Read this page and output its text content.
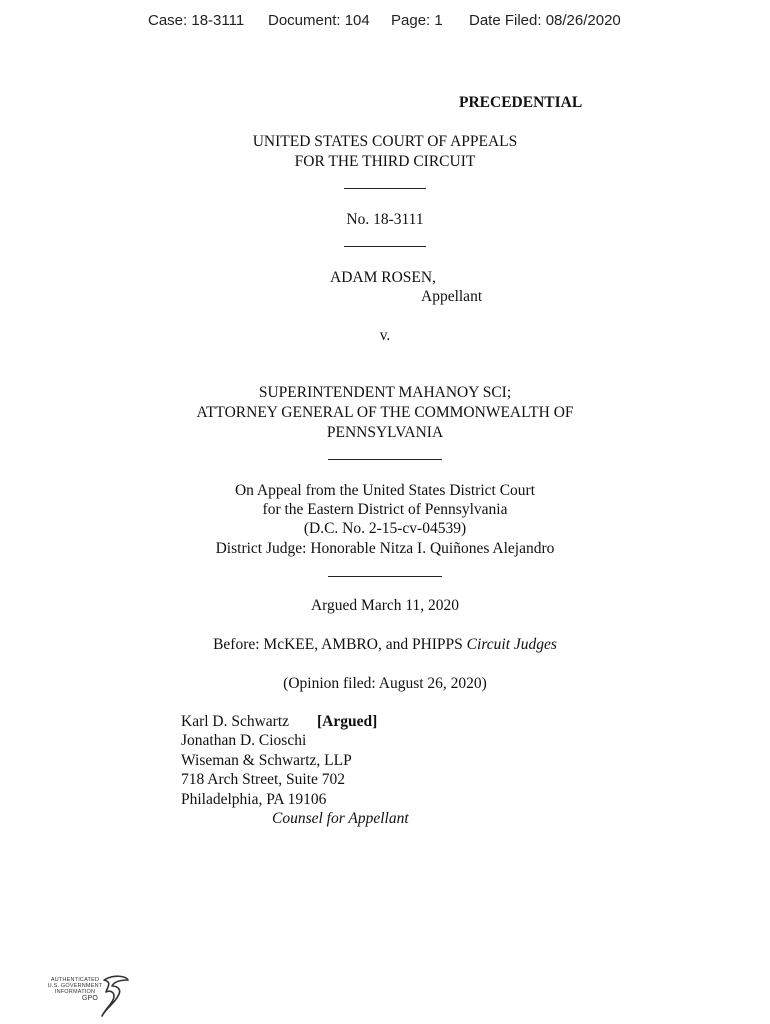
Case: 18-3111 Document: 104 Page: 1 Date Filed: 08/26/2020
PRECEDENTIAL
UNITED STATES COURT OF APPEALS
FOR THE THIRD CIRCUIT
No. 18-3111
ADAM ROSEN,
Appellant
v.
SUPERINTENDENT MAHANOY SCI;
ATTORNEY GENERAL OF THE COMMONWEALTH OF
PENNSYLVANIA
On Appeal from the United States District Court
for the Eastern District of Pennsylvania
(D.C. No. 2-15-cv-04539)
District Judge: Honorable Nitza I. Quiñones Alejandro
Argued March 11, 2020
Before: McKEE, AMBRO, and PHIPPS Circuit Judges
(Opinion filed: August 26, 2020)
Karl D. Schwartz [Argued]
Jonathan D. Cioschi
Wiseman & Schwartz, LLP
718 Arch Street, Suite 702
Philadelphia, PA 19106
Counsel for Appellant
AUTHENTICATED
U.S. GOVERNMENT
INFORMATION
GPO
